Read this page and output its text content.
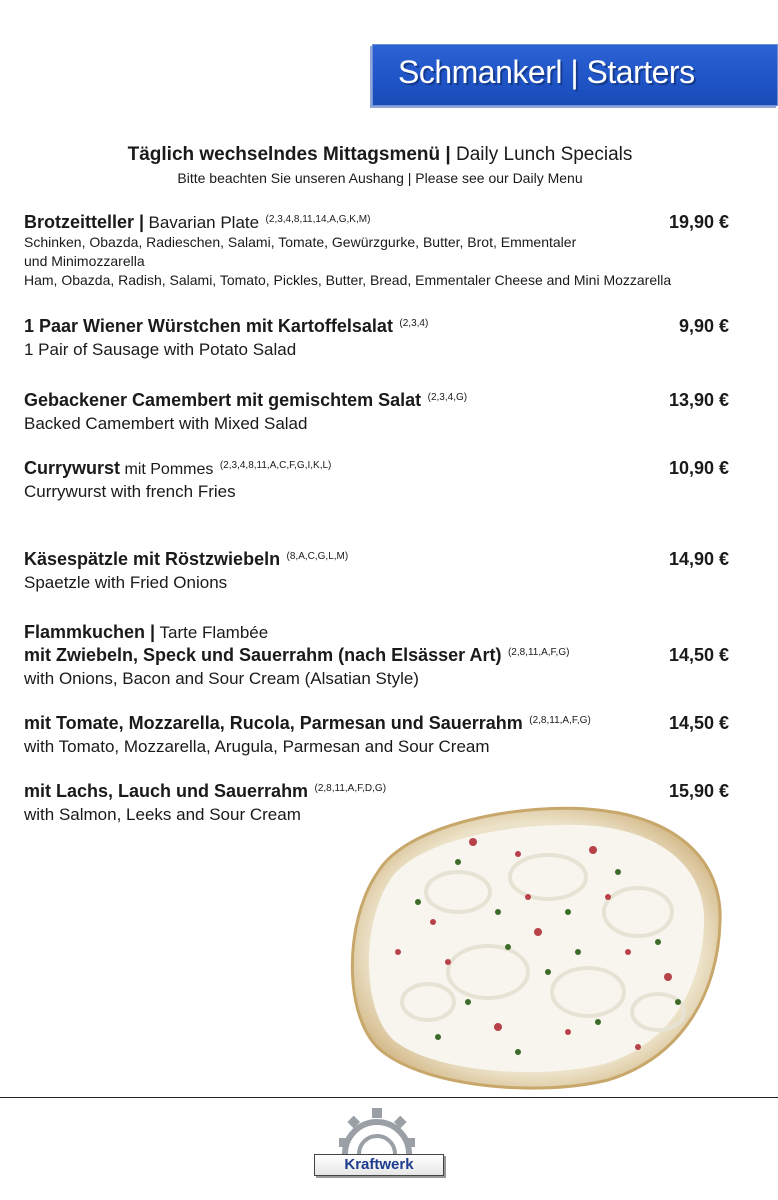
Schmankerl | Starters
Täglich wechselndes Mittagsmenü | Daily Lunch Specials
Bitte beachten Sie unseren Aushang | Please see our Daily Menu
Brotzeitteller | Bavarian Plate $^{(2,3,4,8,11,14,A,G,K,M)}$	19,90 €
Schinken, Obazda, Radieschen, Salami, Tomate, Gewürzgurke, Butter, Brot, Emmentaler
und Minimozzarella
Ham, Obazda, Radish, Salami, Tomato, Pickles, Butter, Bread, Emmentaler Cheese and Mini Mozzarella
1 Paar Wiener Würstchen mit Kartoffelsalat $^{(2,3,4)}$	9,90 €
1 Pair of Sausage with Potato Salad
Gebackener Camembert mit gemischtem Salat $^{(2,3,4,G)}$	13,90 €
Backed Camembert with Mixed Salad
Currywurst mit Pommes $^{(2,3,4,8,11,A,C,F,G,I,K,L)}$	10,90 €
Currywurst with french Fries
Käsespätzle mit Röstzwiebeln $^{(8,A,C,G,L,M)}$	14,90 €
Spaetzle with Fried Onions
Flammkuchen | Tarte Flambée
mit Zwiebeln, Speck und Sauerrahm (nach Elsässer Art) $^{(2,8,11,A,F,G)}$	14,50 €
with Onions, Bacon and Sour Cream (Alsatian Style)
mit Tomate, Mozzarella, Rucola, Parmesan und Sauerrahm $^{(2,8,11,A,F,G)}$	14,50 €
with Tomato, Mozzarella, Arugula, Parmesan and Sour Cream
mit Lachs, Lauch und Sauerrahm $^{(2,8,11,A,F,D,G)}$	15,90 €
with Salmon, Leeks and Sour Cream
Kraftwerk
